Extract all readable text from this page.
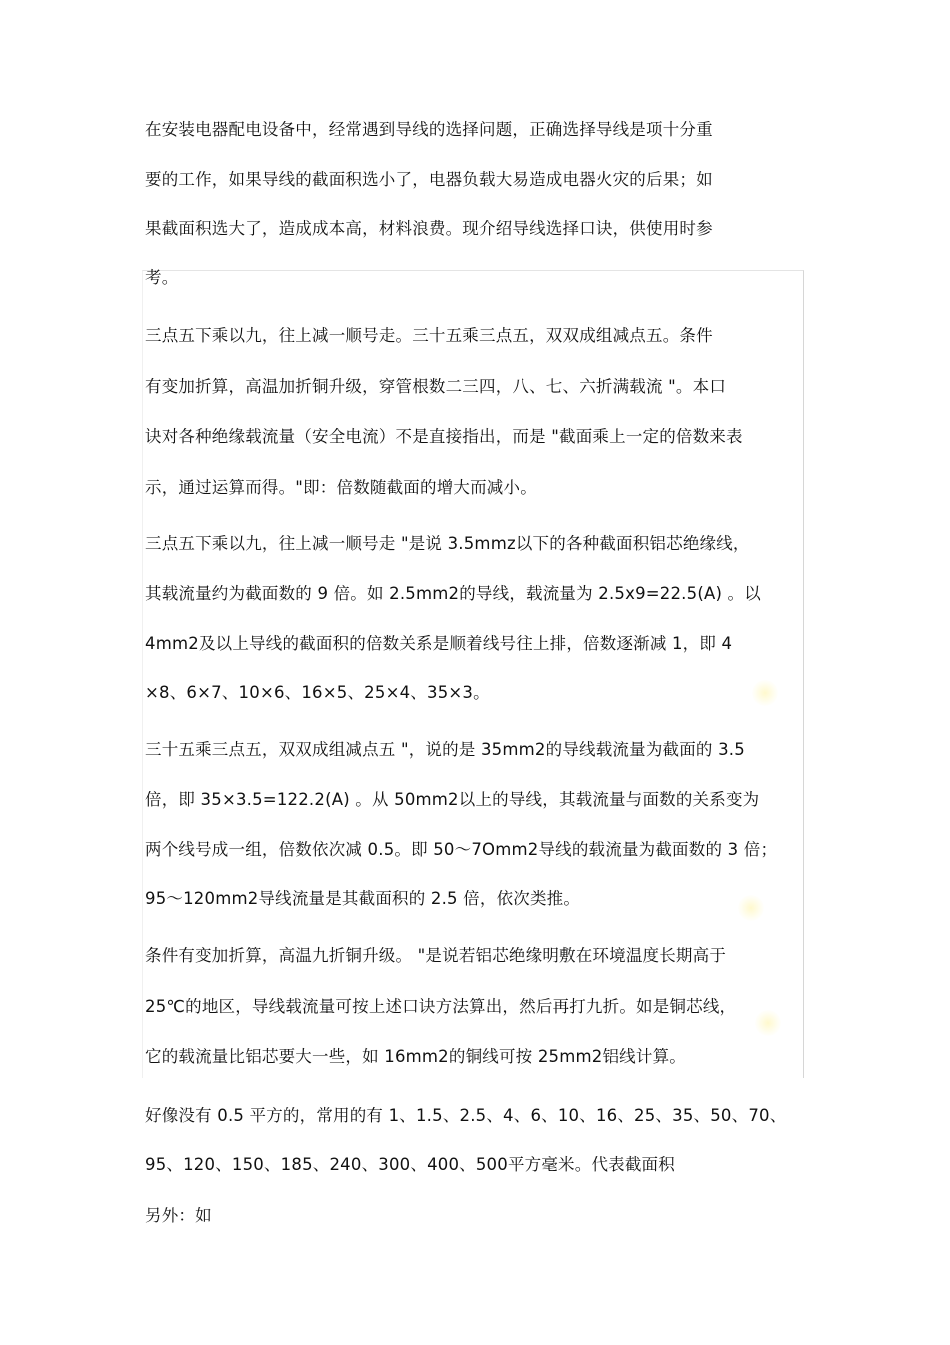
在安装电器配电设备中，经常遇到导线的选择问题，正确选择导线是项十分重

要的工作，如果导线的截面积选小了，电器负载大易造成电器火灾的后果；如

果截面积选大了，造成成本高，材料浪费。现介绍导线选择口诀，供使用时参

考。

三点五下乘以九，往上减一顺号走。三十五乘三点五，双双成组减点五。条件

有变加折算，高温加折铜升级，穿管根数二三四，八、七、六折满载流 "。本口

诀对各种绝缘载流量（安全电流）不是直接指出，而是 "截面乘上一定的倍数来表

示，通过运算而得。"即：倍数随截面的增大而减小。

三点五下乘以九，往上减一顺号走 "是说 3.5mmz以下的各种截面积铝芯绝缘线，

其载流量约为截面数的 9 倍。如 2.5mm2的导线，载流量为 2.5x9=22.5(A) 。以

4mm2及以上导线的截面积的倍数关系是顺着线号往上排，倍数逐渐减 1，即 4

×8、6×7、10×6、16×5、25×4、35×3。

三十五乘三点五，双双成组减点五 "，说的是 35mm2的导线载流量为截面的 3.5

倍，即 35×3.5=122.2(A) 。从 50mm2以上的导线，其载流量与面数的关系变为

两个线号成一组，倍数依次减 0.5。即 50～7Omm2导线的载流量为截面数的 3 倍；

95～120mm2导线流量是其截面积的 2.5 倍，依次类推。

条件有变加折算，高温九折铜升级。 "是说若铝芯绝缘明敷在环境温度长期高于

25℃的地区，导线载流量可按上述口诀方法算出，然后再打九折。如是铜芯线，

它的载流量比铝芯要大一些，如 16mm2的铜线可按 25mm2铝线计算。

好像没有 0.5 平方的，常用的有 1、1.5、2.5、4、6、10、16、25、35、50、70、

95、120、150、185、240、300、400、500平方毫米。代表截面积

另外：如
